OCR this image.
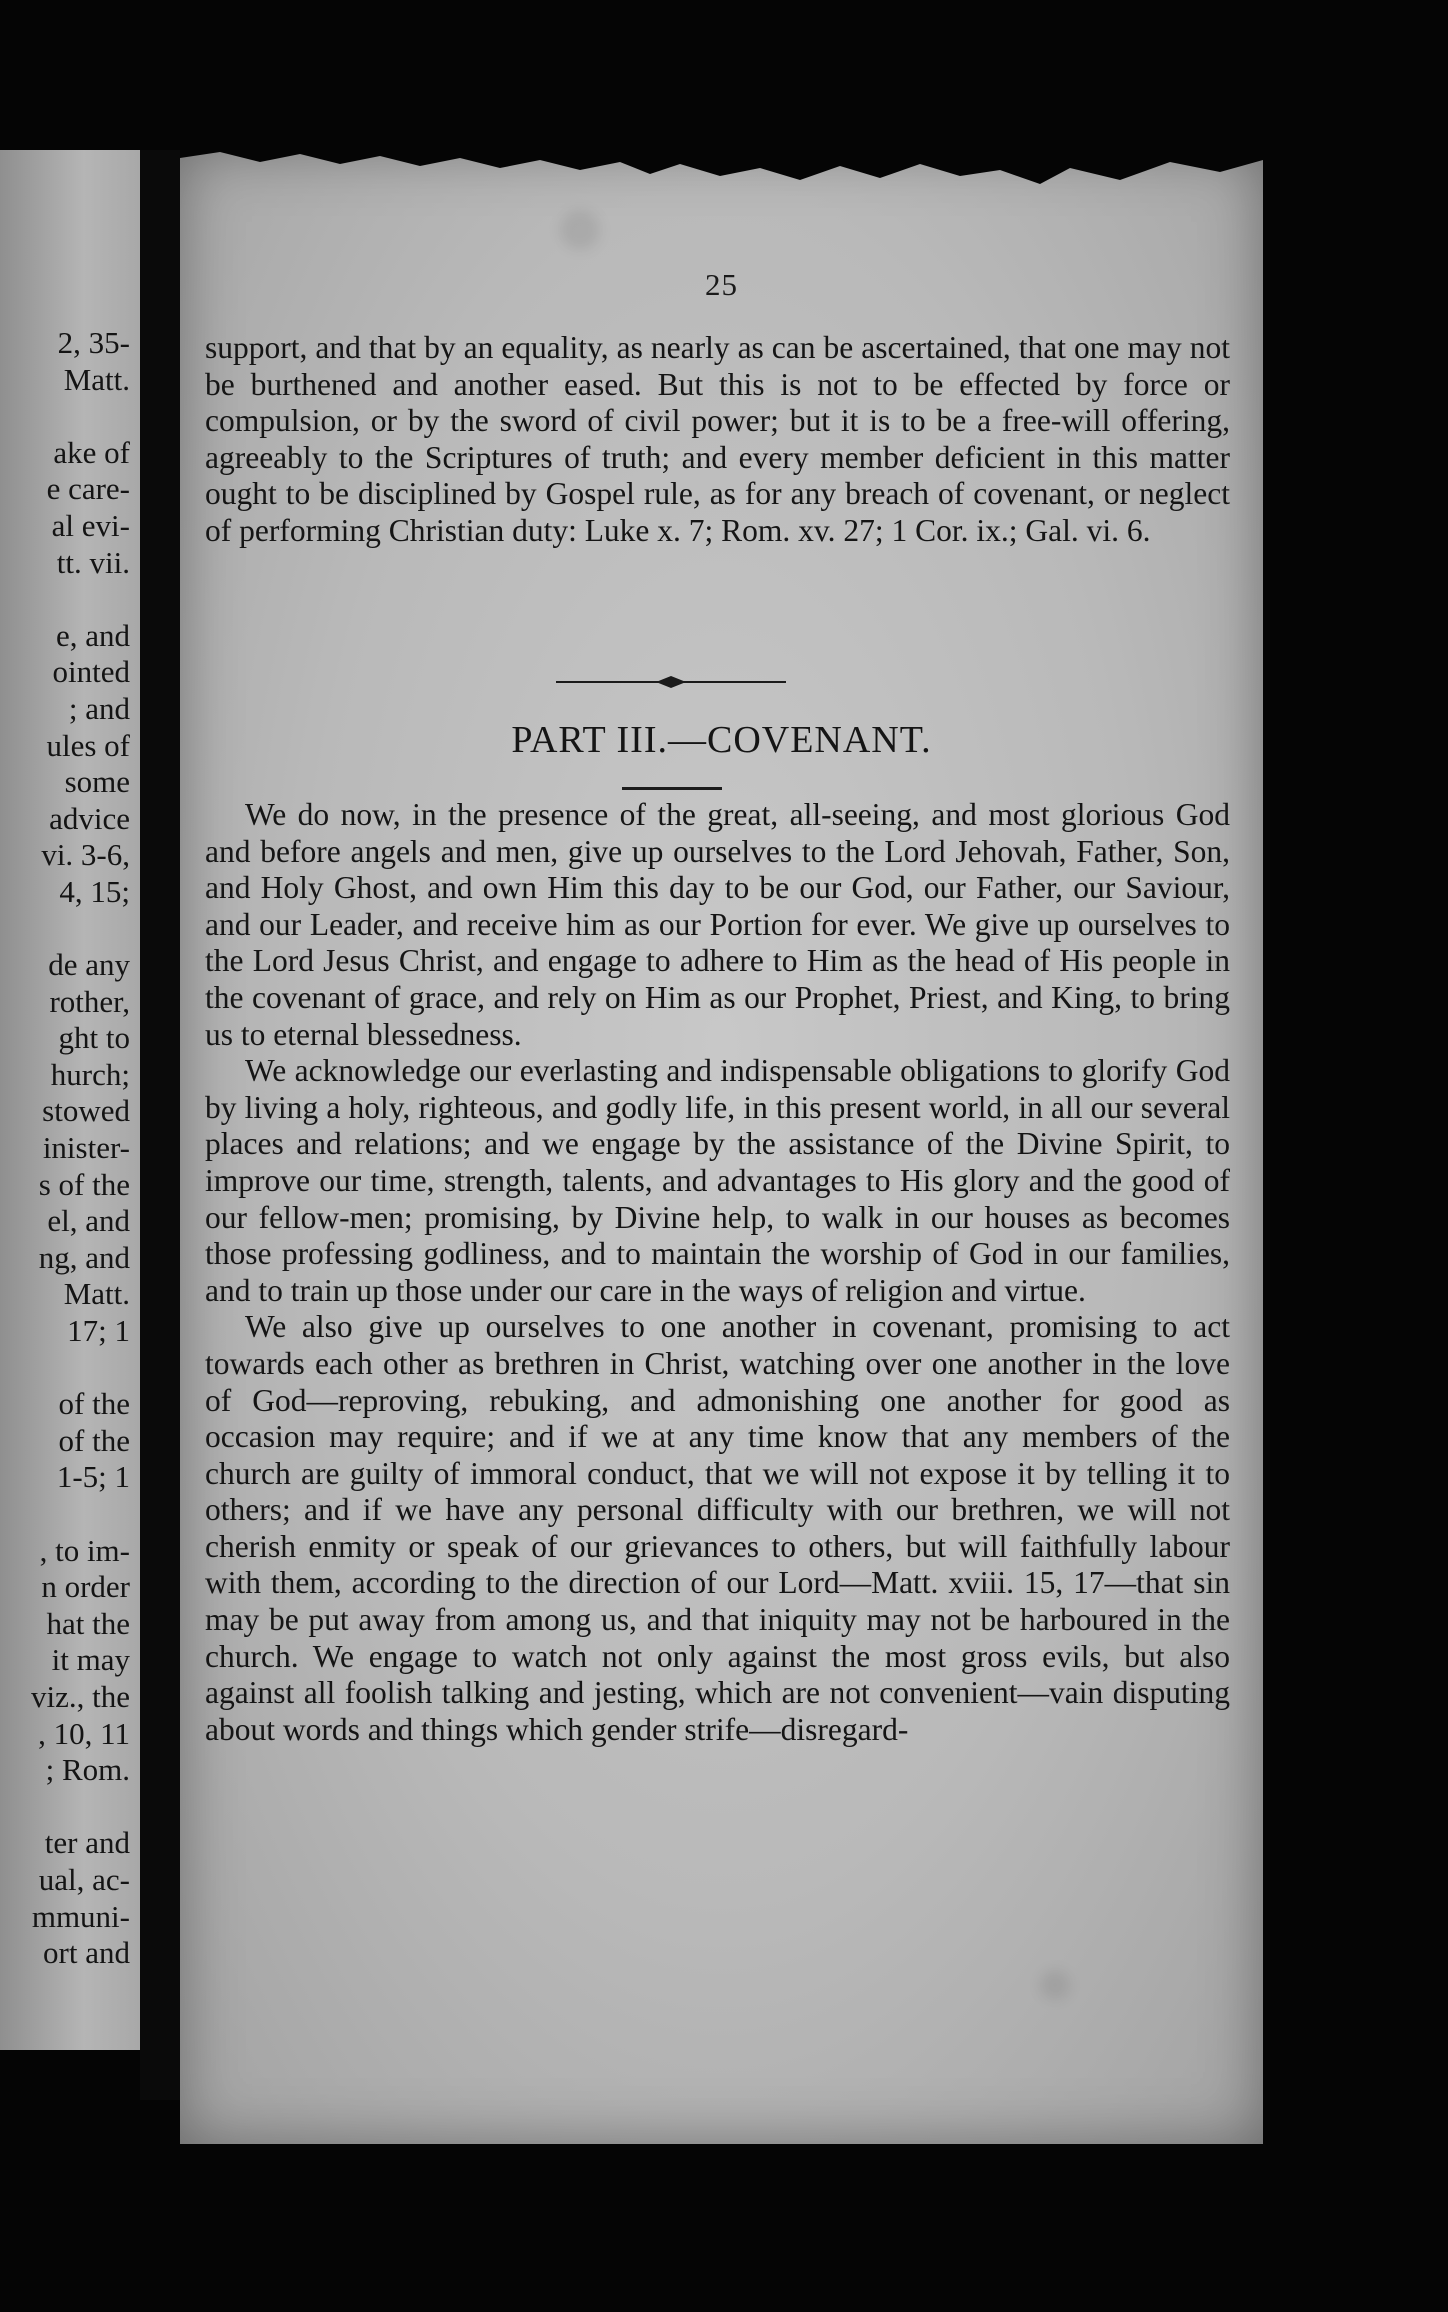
2, 35-
Matt.
ake of
e care-
al evi-
tt. vii.
e, and
ointed
; and
ules of
some
advice
vi. 3-6,
4, 15;
de any
rother,
ght to
hurch;
stowed
inister-
s of the
el, and
ng, and
Matt.
17; 1
of the
of the
1-5; 1
, to im-
n order
hat the
it may
viz., the
, 10, 11
; Rom.
ter and
ual, ac-
mmuni-
ort and
25

support, and that by an equality, as nearly as can be ascertained, that one may not be burthened and another eased. But this is not to be effected by force or compulsion, or by the sword of civil power; but it is to be a free-will offering, agreeably to the Scriptures of truth; and every member deficient in this matter ought to be disciplined by Gospel rule, as for any breach of covenant, or neglect of performing Christian duty: Luke x. 7; Rom. xv. 27; 1 Cor. ix.; Gal. vi. 6.

PART III.—COVENANT.

We do now, in the presence of the great, all-seeing, and most glorious God and before angels and men, give up ourselves to the Lord Jehovah, Father, Son, and Holy Ghost, and own Him this day to be our God, our Father, our Saviour, and our Leader, and receive him as our Portion for ever. We give up ourselves to the Lord Jesus Christ, and engage to adhere to Him as the head of His people in the covenant of grace, and rely on Him as our Prophet, Priest, and King, to bring us to eternal blessedness.

We acknowledge our everlasting and indispensable obligations to glorify God by living a holy, righteous, and godly life, in this present world, in all our several places and relations; and we engage by the assistance of the Divine Spirit, to improve our time, strength, talents, and advantages to His glory and the good of our fellow-men; promising, by Divine help, to walk in our houses as becomes those professing godliness, and to maintain the worship of God in our families, and to train up those under our care in the ways of religion and virtue.

We also give up ourselves to one another in covenant, promising to act towards each other as brethren in Christ, watching over one another in the love of God—reproving, rebuking, and admonishing one another for good as occasion may require; and if we at any time know that any members of the church are guilty of immoral conduct, that we will not expose it by telling it to others; and if we have any personal difficulty with our brethren, we will not cherish enmity or speak of our grievances to others, but will faithfully labour with them, according to the direction of our Lord—Matt. xviii. 15, 17—that sin may be put away from among us, and that iniquity may not be harboured in the church. We engage to watch not only against the most gross evils, but also against all foolish talking and jesting, which are not convenient—vain disputing about words and things which gender strife—disregard-
